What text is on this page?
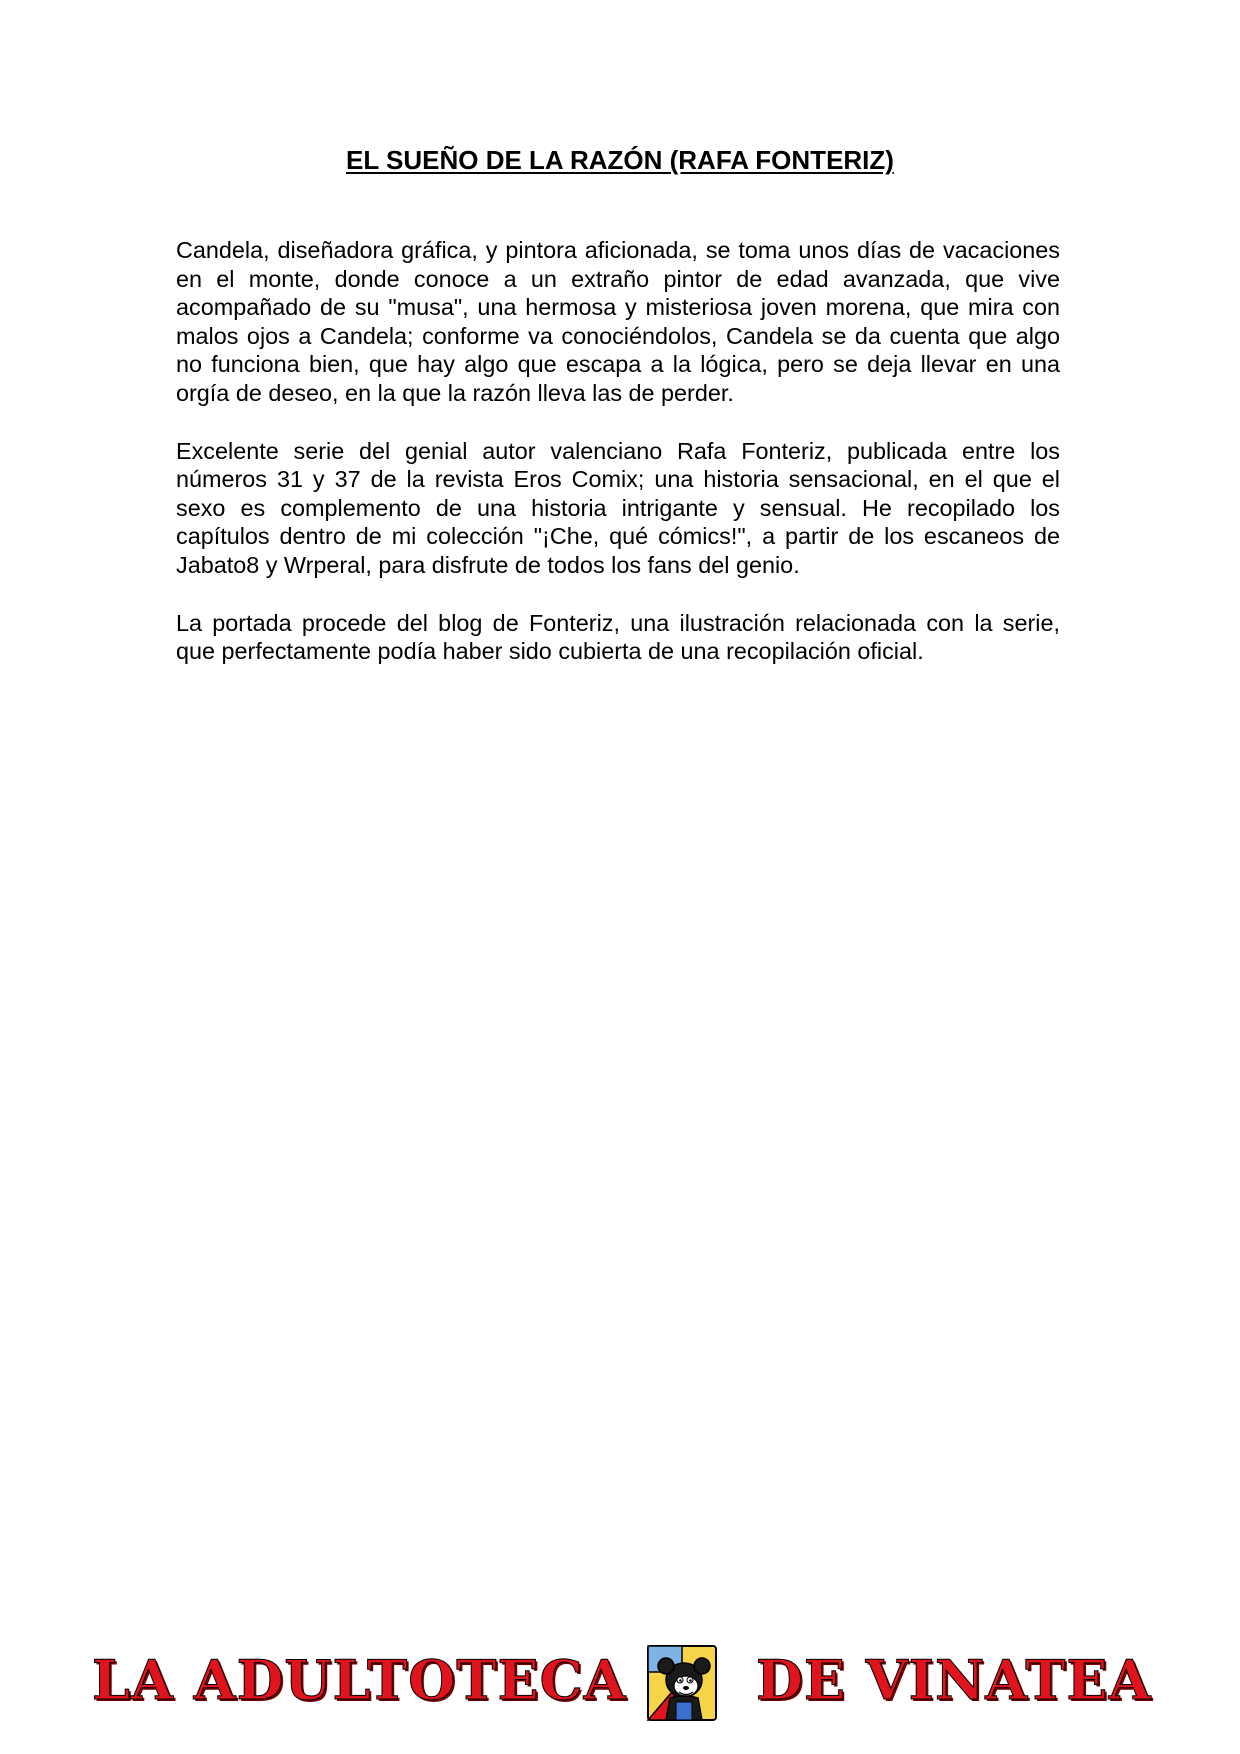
EL SUEÑO DE LA RAZÓN (RAFA FONTERIZ)

Candela, diseñadora gráfica, y pintora aficionada, se toma unos días de vacaciones en el monte, donde conoce a un extraño pintor de edad avanzada, que vive acompañado de su "musa", una hermosa y misteriosa joven morena, que mira con malos ojos a Candela; conforme va conociéndolos, Candela se da cuenta que algo no funciona bien, que hay algo que escapa a la lógica, pero se deja llevar en una orgía de deseo, en la que la razón lleva las de perder.

Excelente serie del genial autor valenciano Rafa Fonteriz, publicada entre los números 31 y 37 de la revista Eros Comix; una historia sensacional, en el que el sexo es complemento de una historia intrigante y sensual. He recopilado los capítulos dentro de mi colección "¡Che, qué cómics!", a partir de los escaneos de Jabato8 y Wrperal, para disfrute de todos los fans del genio.

La portada procede del blog de Fonteriz, una ilustración relacionada con la serie, que perfectamente podía haber sido cubierta de una recopilación oficial.

LA ADULTOTECA DE VINATEA
